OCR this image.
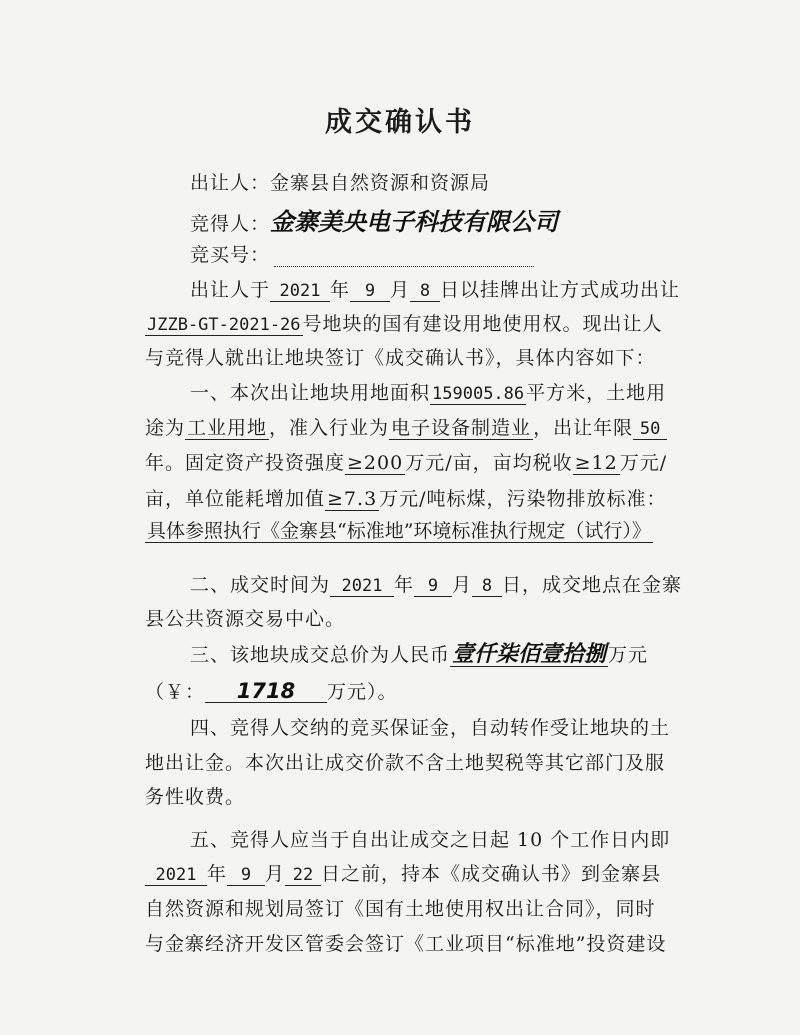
成交确认书
出让人：金寨县自然资源和资源局
竞得人：金寨美央电子科技有限公司
竞买号：
出让人于 2021 年 9 月 8 日以挂牌出让方式成功出让
JZZB-GT-2021-26 号地块的国有建设用地使用权。现出让人
与竞得人就出让地块签订《成交确认书》，具体内容如下：
一、本次出让地块用地面积 159005.86 平方米，土地用
途为 工业用地 ，准入行业为 电子设备制造业 ，出让年限 50
年。固定资产投资强度 ≥200 万元/亩，亩均税收 ≥12 万元/
亩，单位能耗增加值 ≥7.3 万元/吨标煤，污染物排放标准：
具体参照执行《金寨县“标准地”环境标准执行规定（试行）》
二、成交时间为 2021 年 9 月 8 日，成交地点在金寨
县公共资源交易中心。
三、该地块成交总价为人民币壹仟柒佰壹拾捌 万元
（￥： 1718 万元）。
四、竞得人交纳的竞买保证金，自动转作受让地块的土
地出让金。本次出让成交价款不含土地契税等其它部门及服
务性收费。
五、竞得人应当于自出让成交之日起 10 个工作日内即
2021 年 9 月 22 日之前，持本《成交确认书》到金寨县
自然资源和规划局签订《国有土地使用权出让合同》，同时
与金寨经济开发区管委会签订《工业项目“标准地”投资建设
